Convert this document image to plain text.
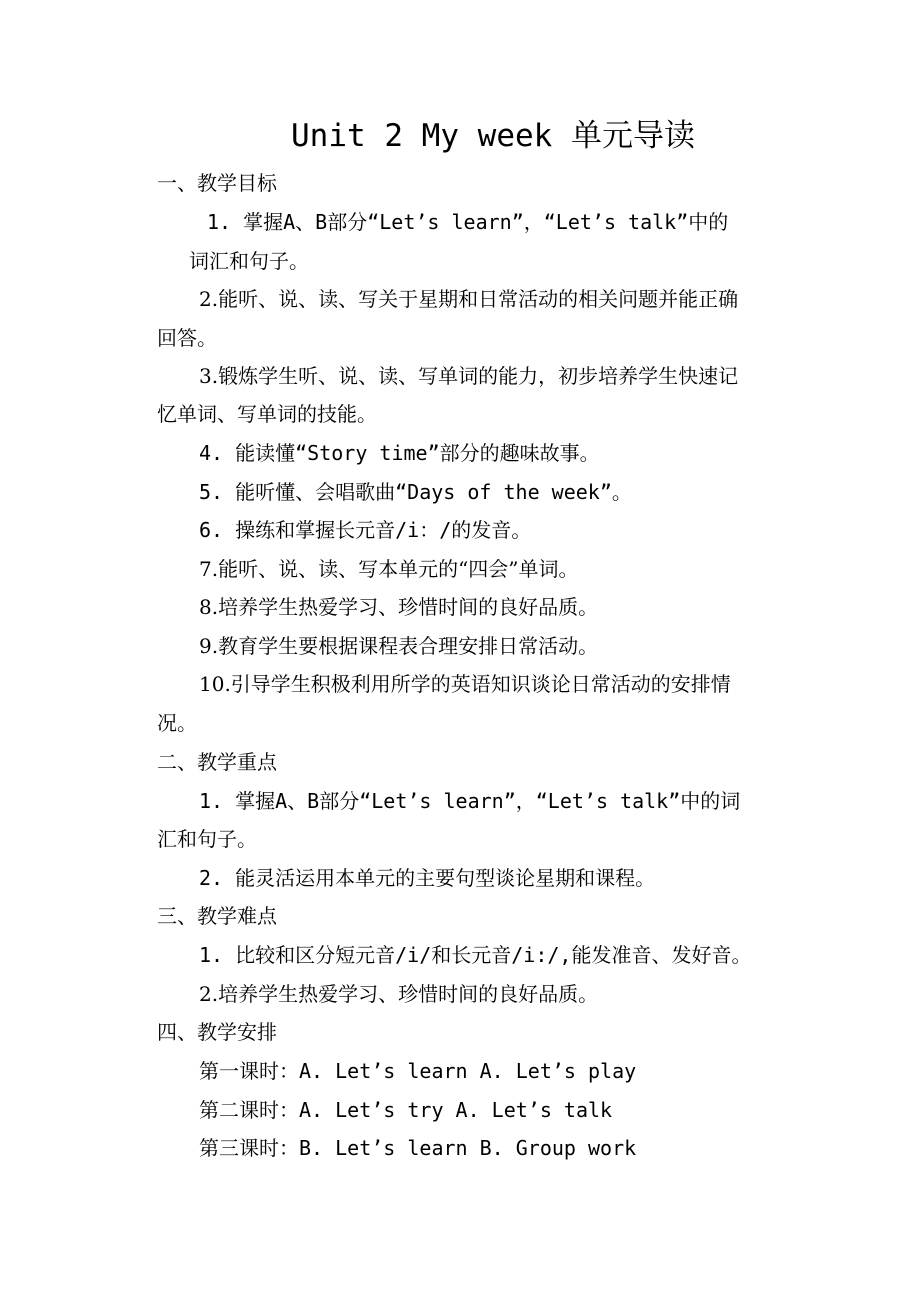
Unit 2 My week 单元导读
一、教学目标
1. 掌握A、B部分“Let’s learn”，“Let’s talk”中的
词汇和句子。
2.能听、说、读、写关于星期和日常活动的相关问题并能正确
回答。
3.锻炼学生听、说、读、写单词的能力，初步培养学生快速记
忆单词、写单词的技能。
4. 能读懂“Story time”部分的趣味故事。
5. 能听懂、会唱歌曲“Days of the week”。
6. 操练和掌握长元音/i：/的发音。
7.能听、说、读、写本单元的“四会”单词。
8.培养学生热爱学习、珍惜时间的良好品质。
9.教育学生要根据课程表合理安排日常活动。
10.引导学生积极利用所学的英语知识谈论日常活动的安排情
况。
二、教学重点
1. 掌握A、B部分“Let’s learn”，“Let’s talk”中的词
汇和句子。
2. 能灵活运用本单元的主要句型谈论星期和课程。
三、教学难点
1. 比较和区分短元音/i/和长元音/i:/,能发准音、发好音。
2.培养学生热爱学习、珍惜时间的良好品质。
四、教学安排
第一课时：A. Let’s learn A. Let’s play
第二课时：A. Let’s try A. Let’s talk
第三课时：B. Let’s learn B. Group work
